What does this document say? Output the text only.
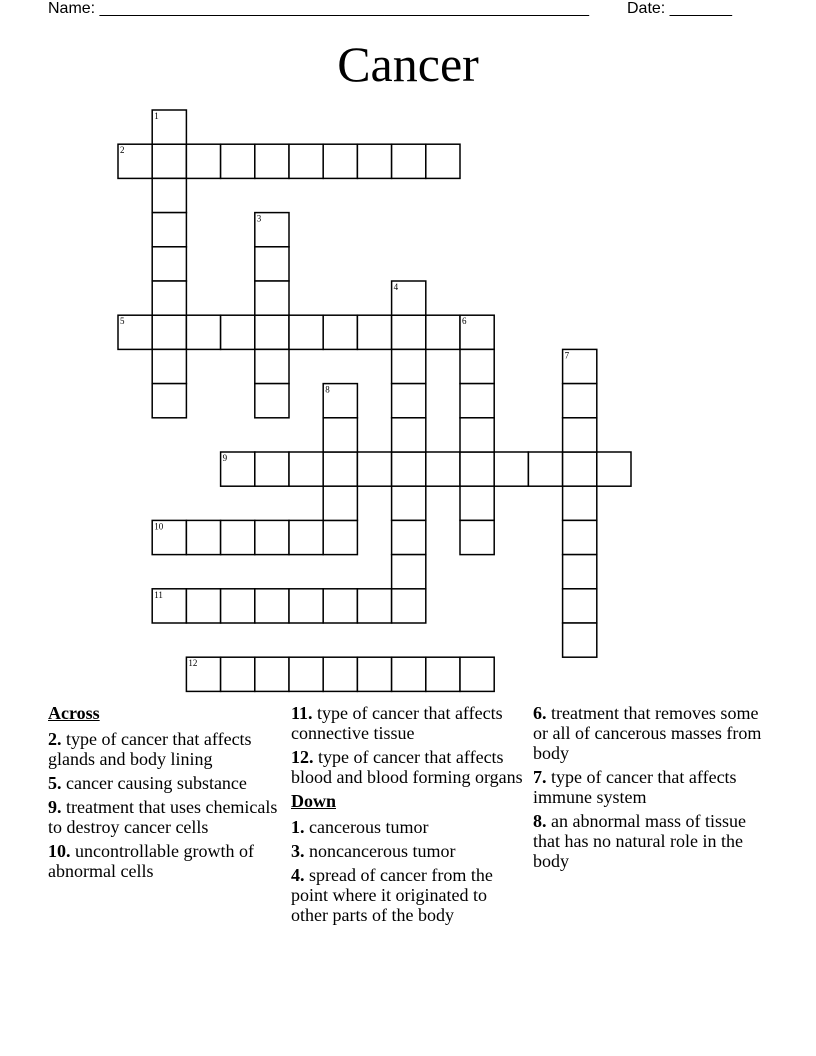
Name: _______________________________________________________ Date: _______
Cancer
2
5
9
10
11
12
1
3
4
6
7
8
Across
2. type of cancer that affects glands and body lining
5. cancer causing substance
9. treatment that uses chemicals to destroy cancer cells
10. uncontrollable growth of abnormal cells
11. type of cancer that affects connective tissue
12. type of cancer that affects blood and blood forming organs
Down
1. cancerous tumor
3. noncancerous tumor
4. spread of cancer from the point where it originated to other parts of the body
6. treatment that removes some or all of cancerous masses from body
7. type of cancer that affects immune system
8. an abnormal mass of tissue that has no natural role in the body
